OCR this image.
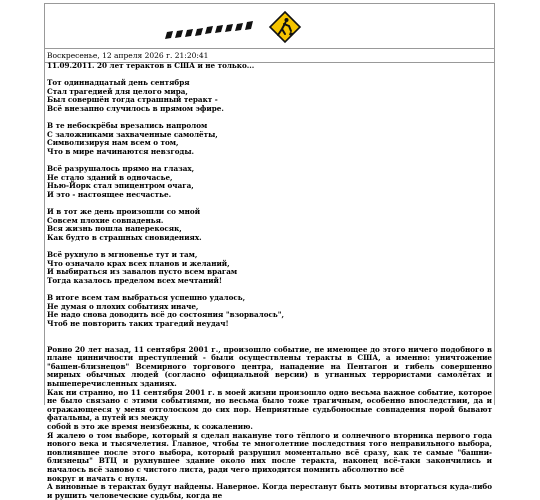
Воскресенье, 12 апреля 2026 г. 21:20:41

11.09.2011. 20 лет терактов в США и не только...

Тот одиннадцатый день сентября

Стал трагедией для целого мира,

Был совершён тогда страшный теракт -

Всё внезапно случилось в прямом эфире.

В те небоскрёбы врезались напролом

С заложниками захваченные самолёты,

Символизируя нам всем о том,

Что в мире начинаются невзгоды.

Всё разрушалось прямо на глазах,

Не стало зданий в одночасье,

Нью-Йорк стал эпицентром очага,

И это - настоящее несчастье.

И в тот же день произошли со мной

Совсем плохие совпаденья.

Вся жизнь пошла наперекосяк,

Как будто в страшных сновидениях.

Всё рухнуло в мгновенье тут и там,

Что означало крах всех планов и желаний,

И выбираться из завалов пусто всем врагам

Тогда казалось пределом всех мечтаний!

В итоге всем там выбраться успешно удалось,

Не думая о плохих событиях иначе,

Не надо снова доводить всё до состояния "взорвалось",

Чтоб не повторить таких трагедий неудач!

Ровно 20 лет назад, 11 сентября 2001 г., произошло событие, не имеющее до этого ничего подобного в плане цинничности преступлений - были осуществлены теракты в США, а именно: уничтожение "башен-близнецов" Всемирного торгового центра, нападение на Пентагон и гибель совершенно мирных обычных людей (согласно официальной версии) в угнанных террористами самолётах и вышеперечисленных зданиях.

Как ни странно, но 11 сентября 2001 г. в моей жизни произошло одно весьма важное событие, которое не было связано с этими событиями, но весьма было тоже трагичным, особенно впоследствии, да и отражающееся у меня отголоском до сих пор. Неприятные судьбоносные совпадения порой бывают фатальны, а путей из между

собой в это же время неизбежны, к сожалению.

Я жалею о том выборе, который я сделал накануне того тёплого и солнечного вторника первого года нового века и тысячелетия. Главное, чтобы те многолетние последствия того неправильного выбора, повлиявшее после этого выбора, который разрушил моментально всё сразу, как те самые "башни-близнецы" ВТЦ и рухнувшее здание около них после теракта, наконец всё-таки закончились и началось всё заново с чистого листа, ради чего приходится помнить абсолютно всё

вокруг и начать с нуля.

А виновные в терактах будут найдены. Наверное. Когда перестанут быть мотивы вторгаться куда-либо и рушить человеческие судьбы, когда не
